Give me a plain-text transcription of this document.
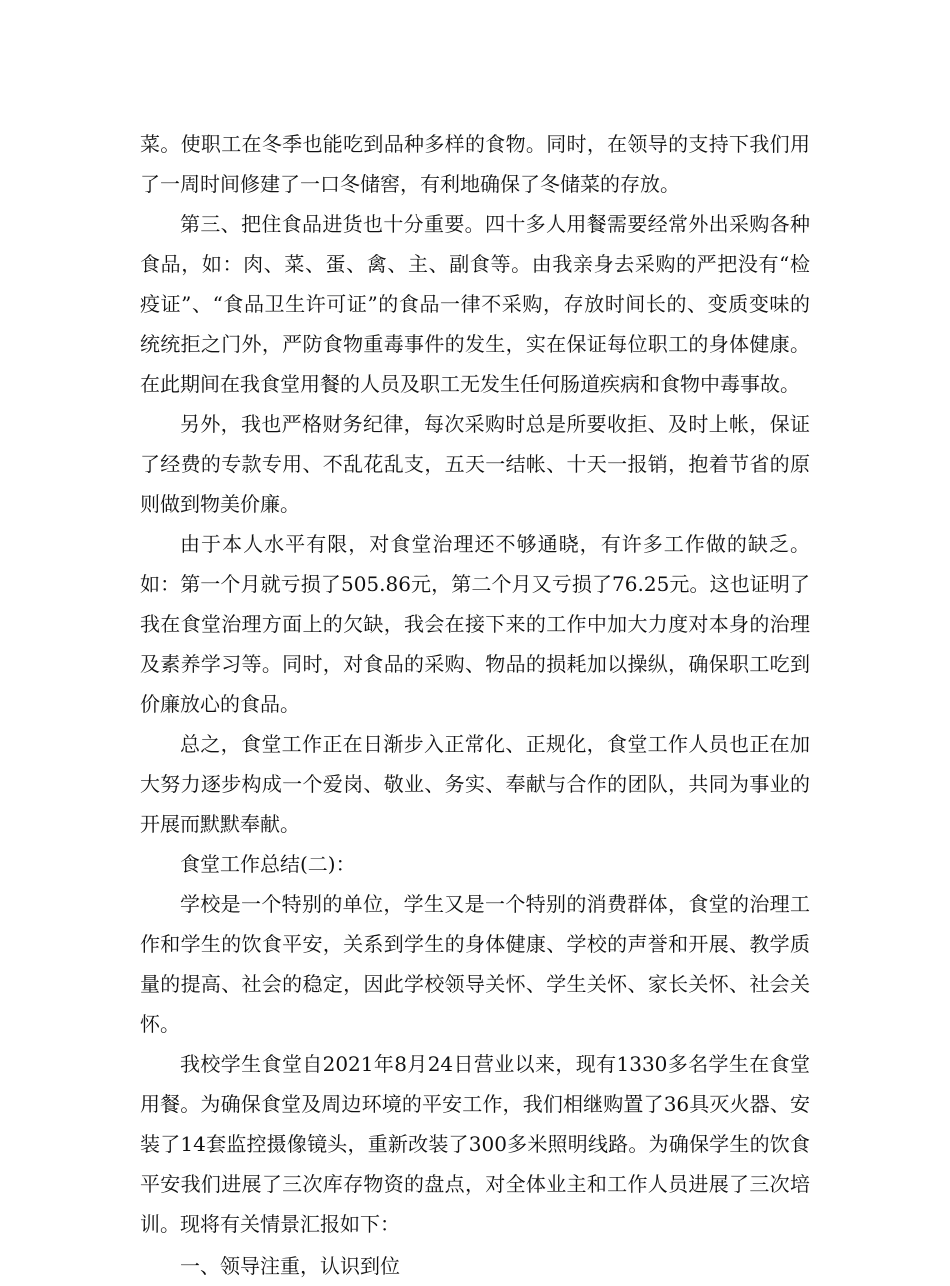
菜。使职工在冬季也能吃到品种多样的食物。同时，在领导的支持下我们用了一周时间修建了一口冬储窖，有利地确保了冬储菜的存放。

第三、把住食品进货也十分重要。四十多人用餐需要经常外出采购各种食品，如：肉、菜、蛋、禽、主、副食等。由我亲身去采购的严把没有“检疫证”、“食品卫生许可证”的食品一律不采购，存放时间长的、变质变味的统统拒之门外，严防食物重毒事件的发生，实在保证每位职工的身体健康。在此期间在我食堂用餐的人员及职工无发生任何肠道疾病和食物中毒事故。

另外，我也严格财务纪律，每次采购时总是所要收拒、及时上帐，保证了经费的专款专用、不乱花乱支，五天一结帐、十天一报销，抱着节省的原则做到物美价廉。

由于本人水平有限，对食堂治理还不够通晓，有许多工作做的缺乏。如：第一个月就亏损了505.86元，第二个月又亏损了76.25元。这也证明了我在食堂治理方面上的欠缺，我会在接下来的工作中加大力度对本身的治理及素养学习等。同时，对食品的采购、物品的损耗加以操纵，确保职工吃到价廉放心的食品。

总之，食堂工作正在日渐步入正常化、正规化，食堂工作人员也正在加大努力逐步构成一个爱岗、敬业、务实、奉献与合作的团队，共同为事业的开展而默默奉献。

食堂工作总结(二)：

学校是一个特别的单位，学生又是一个特别的消费群体，食堂的治理工作和学生的饮食平安，关系到学生的身体健康、学校的声誉和开展、教学质量的提高、社会的稳定，因此学校领导关怀、学生关怀、家长关怀、社会关怀。

我校学生食堂自2021年8月24日营业以来，现有1330多名学生在食堂用餐。为确保食堂及周边环境的平安工作，我们相继购置了36具灭火器、安装了14套监控摄像镜头，重新改装了300多米照明线路。为确保学生的饮食平安我们进展了三次库存物资的盘点，对全体业主和工作人员进展了三次培训。现将有关情景汇报如下：

一、领导注重，认识到位
